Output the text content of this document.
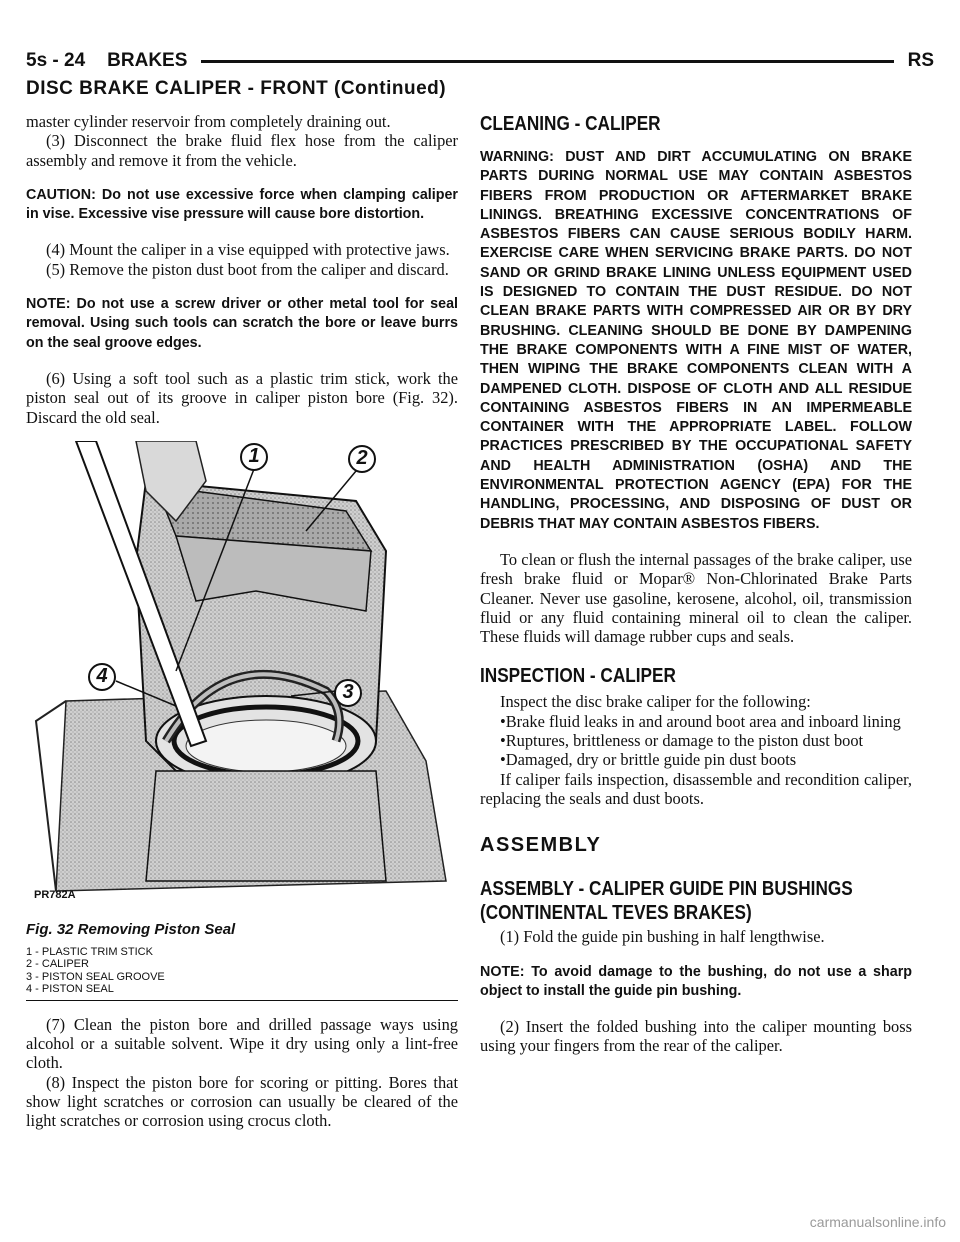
5s - 24 BRAKES	RS
DISC BRAKE CALIPER - FRONT (Continued)

master cylinder reservoir from completely draining out.

(3) Disconnect the brake fluid flex hose from the caliper assembly and remove it from the vehicle.

CAUTION: Do not use excessive force when clamping caliper in vise. Excessive vise pressure will cause bore distortion.

(4) Mount the caliper in a vise equipped with protective jaws.

(5) Remove the piston dust boot from the caliper and discard.

NOTE: Do not use a screw driver or other metal tool for seal removal. Using such tools can scratch the bore or leave burrs on the seal groove edges.

(6) Using a soft tool such as a plastic trim stick, work the piston seal out of its groove in caliper piston bore (Fig. 32). Discard the old seal.

1	2
3
4
PR782A
Fig. 32 Removing Piston Seal
1 - PLASTIC TRIM STICK
2 - CALIPER
3 - PISTON SEAL GROOVE
4 - PISTON SEAL

(7) Clean the piston bore and drilled passage ways using alcohol or a suitable solvent. Wipe it dry using only a lint-free cloth.

(8) Inspect the piston bore for scoring or pitting. Bores that show light scratches or corrosion can usually be cleared of the light scratches or corrosion using crocus cloth.

CLEANING - CALIPER

WARNING: DUST AND DIRT ACCUMULATING ON BRAKE PARTS DURING NORMAL USE MAY CONTAIN ASBESTOS FIBERS FROM PRODUCTION OR AFTERMARKET BRAKE LININGS. BREATHING EXCESSIVE CONCENTRATIONS OF ASBESTOS FIBERS CAN CAUSE SERIOUS BODILY HARM. EXERCISE CARE WHEN SERVICING BRAKE PARTS. DO NOT SAND OR GRIND BRAKE LINING UNLESS EQUIPMENT USED IS DESIGNED TO CONTAIN THE DUST RESIDUE. DO NOT CLEAN BRAKE PARTS WITH COMPRESSED AIR OR BY DRY BRUSHING. CLEANING SHOULD BE DONE BY DAMPENING THE BRAKE COMPONENTS WITH A FINE MIST OF WATER, THEN WIPING THE BRAKE COMPONENTS CLEAN WITH A DAMPENED CLOTH. DISPOSE OF CLOTH AND ALL RESIDUE CONTAINING ASBESTOS FIBERS IN AN IMPERMEABLE CONTAINER WITH THE APPROPRIATE LABEL. FOLLOW PRACTICES PRESCRIBED BY THE OCCUPATIONAL SAFETY AND HEALTH ADMINISTRATION (OSHA) AND THE ENVIRONMENTAL PROTECTION AGENCY (EPA) FOR THE HANDLING, PROCESSING, AND DISPOSING OF DUST OR DEBRIS THAT MAY CONTAIN ASBESTOS FIBERS.

To clean or flush the internal passages of the brake caliper, use fresh brake fluid or Mopar® Non-Chlorinated Brake Parts Cleaner. Never use gasoline, kerosene, alcohol, oil, transmission fluid or any fluid containing mineral oil to clean the caliper. These fluids will damage rubber cups and seals.

INSPECTION - CALIPER

Inspect the disc brake caliper for the following:

•Brake fluid leaks in and around boot area and inboard lining

•Ruptures, brittleness or damage to the piston dust boot

•Damaged, dry or brittle guide pin dust boots

If caliper fails inspection, disassemble and recondition caliper, replacing the seals and dust boots.

ASSEMBLY
ASSEMBLY - CALIPER GUIDE PIN BUSHINGS
(CONTINENTAL TEVES BRAKES)

(1) Fold the guide pin bushing in half lengthwise.

NOTE: To avoid damage to the bushing, do not use a sharp object to install the guide pin bushing.

(2) Insert the folded bushing into the caliper mounting boss using your fingers from the rear of the caliper.

carmanualsonline.info
